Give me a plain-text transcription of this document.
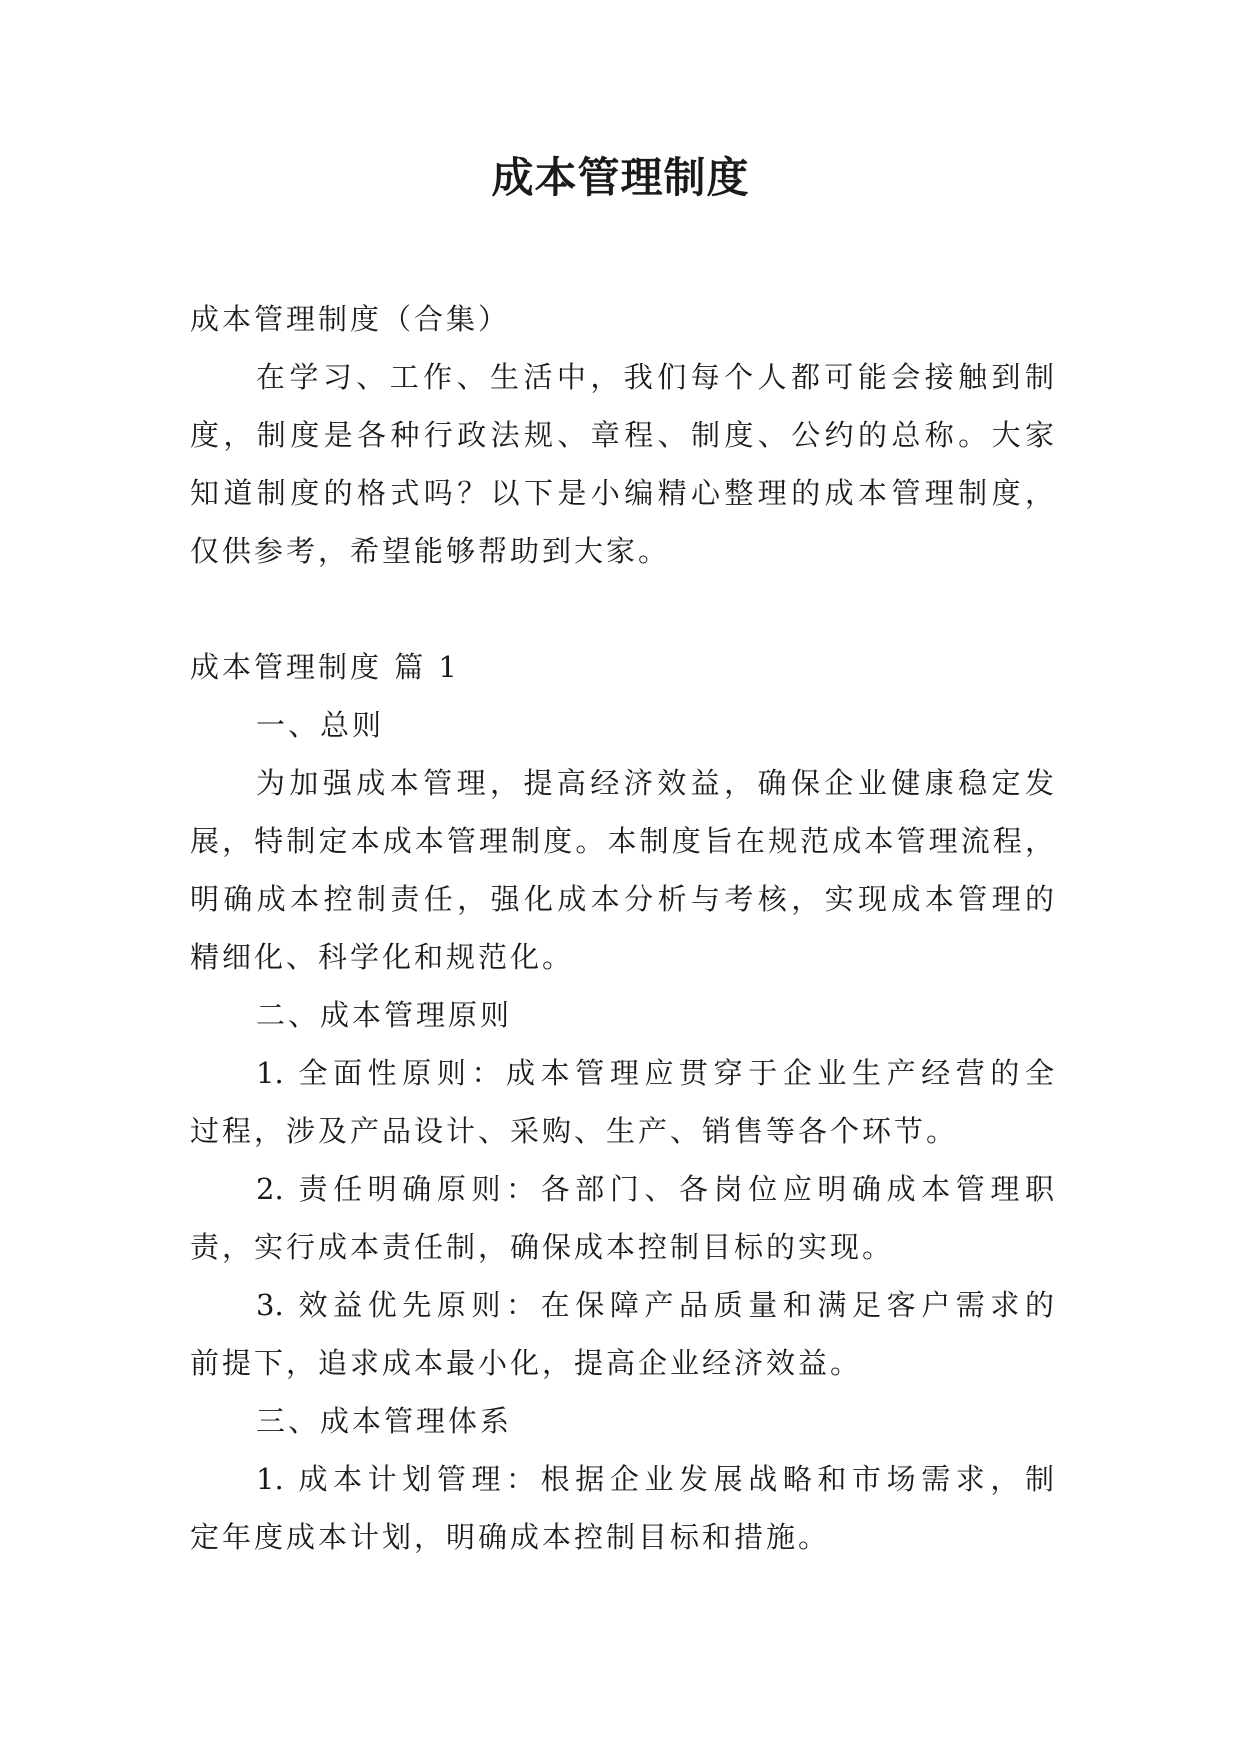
成本管理制度

成本管理制度（合集）

在学习、工作、生活中，我们每个人都可能会接触到制

度，制度是各种行政法规、章程、制度、公约的总称。大家

知道制度的格式吗？以下是小编精心整理的成本管理制度，

仅供参考，希望能够帮助到大家。

成本管理制度 篇 1

一、总则

为加强成本管理，提高经济效益，确保企业健康稳定发

展，特制定本成本管理制度。本制度旨在规范成本管理流程，

明确成本控制责任，强化成本分析与考核，实现成本管理的

精细化、科学化和规范化。

二、成本管理原则

1. 全面性原则：成本管理应贯穿于企业生产经营的全

过程，涉及产品设计、采购、生产、销售等各个环节。

2. 责任明确原则：各部门、各岗位应明确成本管理职

责，实行成本责任制，确保成本控制目标的实现。

3. 效益优先原则：在保障产品质量和满足客户需求的

前提下，追求成本最小化，提高企业经济效益。

三、成本管理体系

1. 成本计划管理：根据企业发展战略和市场需求，制

定年度成本计划，明确成本控制目标和措施。
